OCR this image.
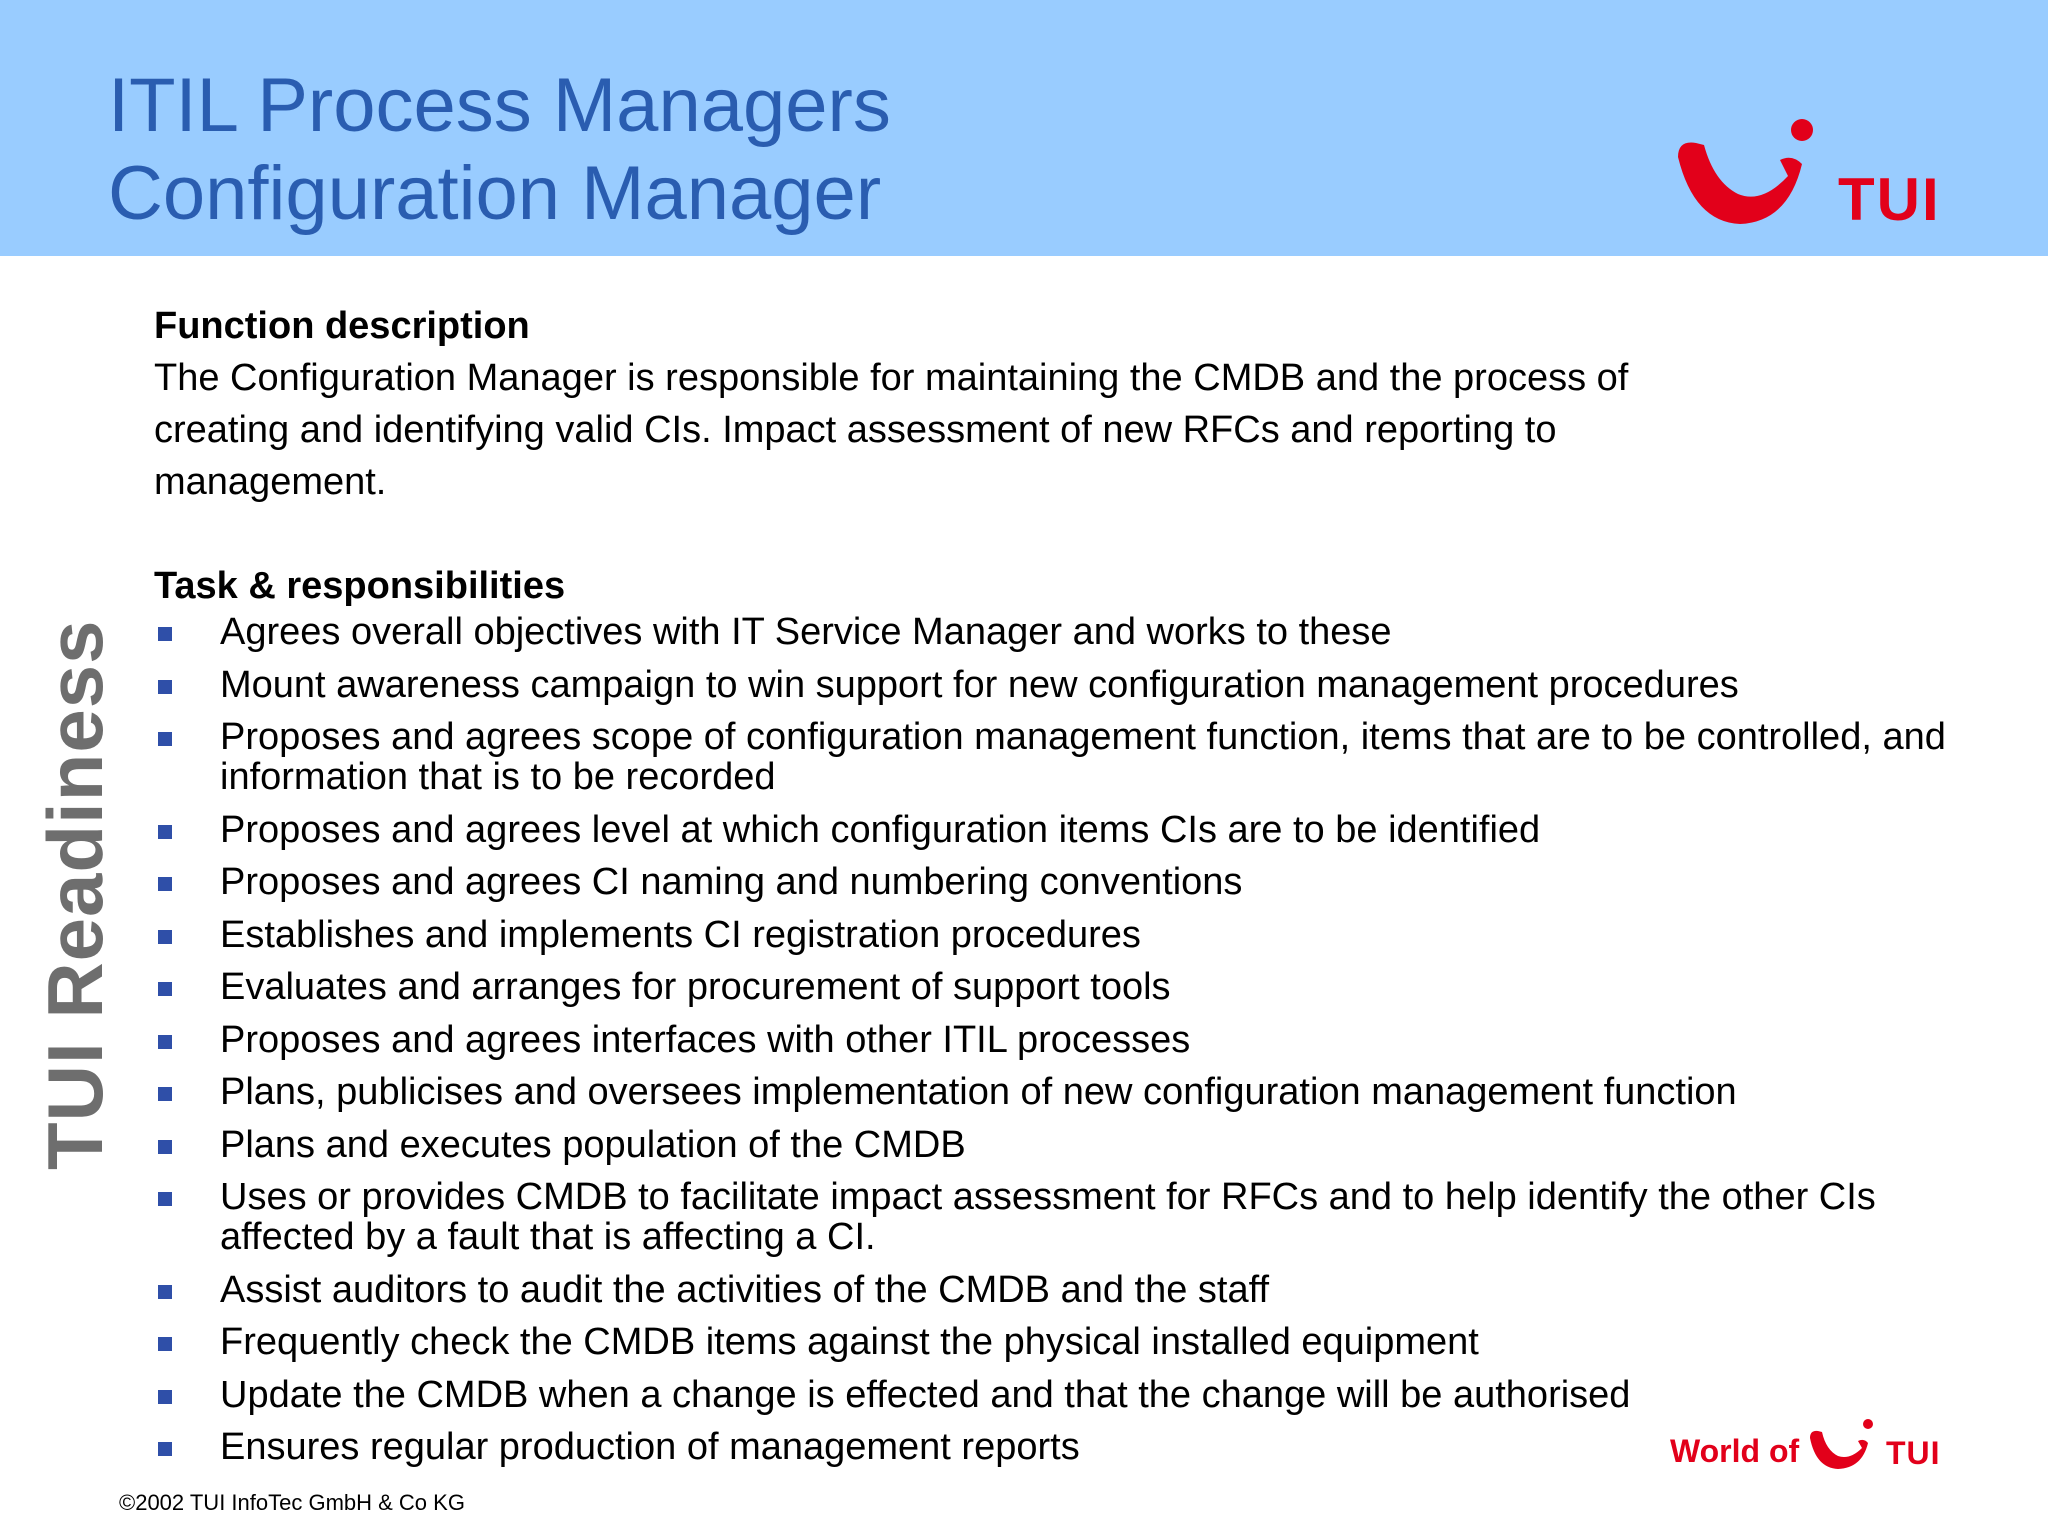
ITIL Process Managers
Configuration Manager	TUI
TUI Readiness
Function description

The Configuration Manager is responsible for maintaining the CMDB and the process of creating and identifying valid CIs. Impact assessment of new RFCs and reporting to management.

Task & responsibilities
Agrees overall objectives with IT Service Manager and works to these
Mount awareness campaign to win support for new configuration management procedures
Proposes and agrees scope of configuration management function, items that are to be controlled, and information that is to be recorded
Proposes and agrees level at which configuration items CIs are to be identified
Proposes and agrees CI naming and numbering conventions
Establishes and implements CI registration procedures
Evaluates and arranges for procurement of support tools
Proposes and agrees interfaces with other ITIL processes
Plans, publicises and oversees implementation of new configuration management function
Plans and executes population of the CMDB
Uses or provides CMDB to facilitate impact assessment for RFCs and to help identify the other CIs affected by a fault that is affecting a CI.
Assist auditors to audit the activities of the CMDB and the staff
Frequently check the CMDB items against the physical installed equipment
Update the CMDB when a change is effected and that the change will be authorised
Ensures regular production of management reports
©2002 TUI InfoTec GmbH & Co KG
World of	TUI
